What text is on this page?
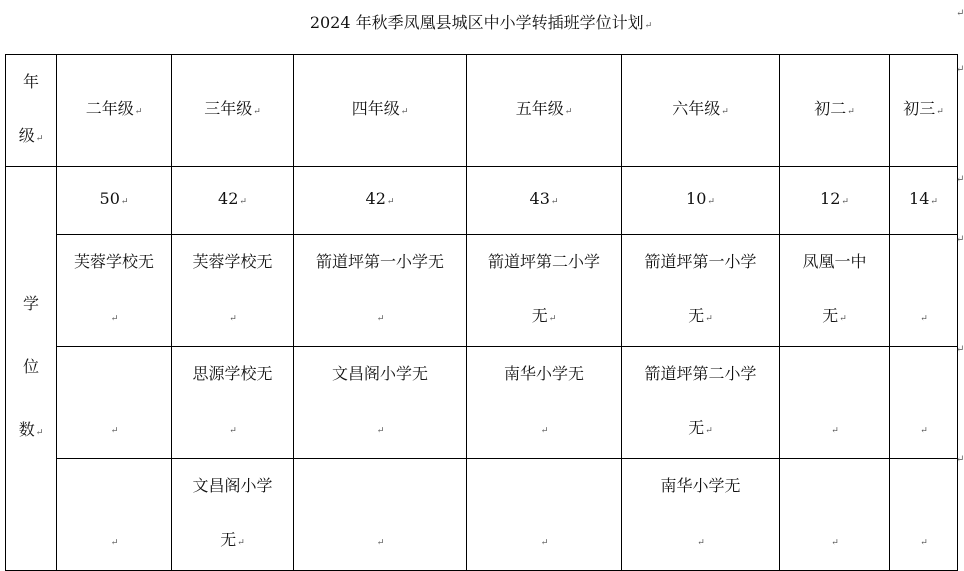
2024 年秋季凤凰县城区中小学转插班学位计划↵
年
级↵	二年级↵	三年级↵	四年级↵	五年级↵	六年级↵	初二↵	初三↵
学
位
数↵	50↵	42↵	42↵	43↵	10↵	12↵	14↵
	芙蓉学校无
↵	芙蓉学校无
↵	箭道坪第一小学无
↵	箭道坪第二小学
无↵	箭道坪第一小学
无↵	凤凰一中
无↵	↵

↵	思源学校无
↵	文昌阁小学无
↵	南华小学无
↵	箭道坪第二小学
无↵	↵	↵

↵	文昌阁小学
无↵	↵	↵	南华小学无
↵	↵	↵
↵
↵
↵
↵
↵
↵
